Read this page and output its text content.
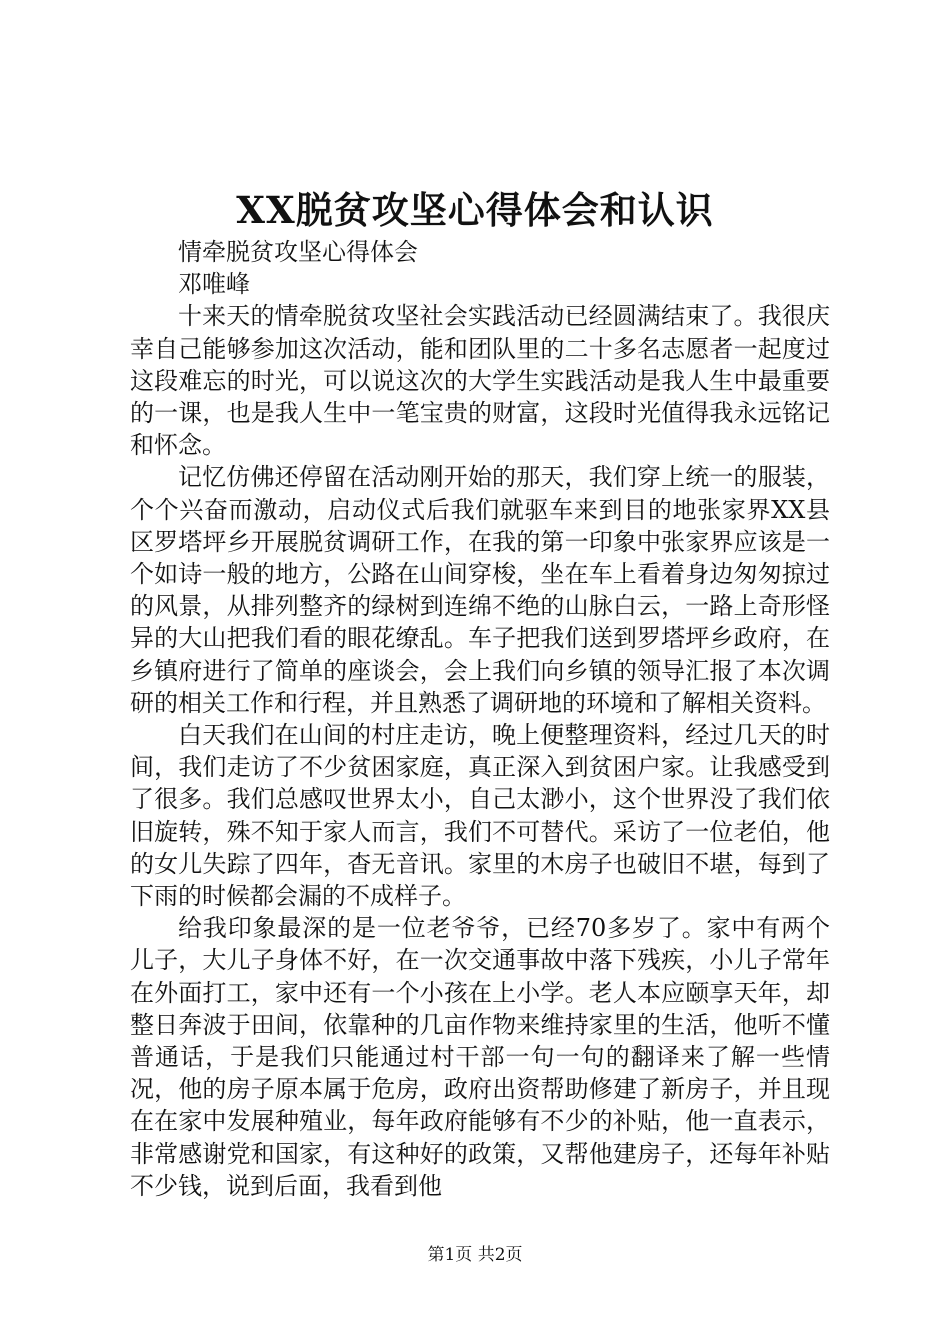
XX脱贫攻坚心得体会和认识

情牵脱贫攻坚心得体会

邓唯峰

十来天的情牵脱贫攻坚社会实践活动已经圆满结束了。我很庆幸自己能够参加这次活动，能和团队里的二十多名志愿者一起度过这段难忘的时光，可以说这次的大学生实践活动是我人生中最重要的一课，也是我人生中一笔宝贵的财富，这段时光值得我永远铭记和怀念。

记忆仿佛还停留在活动刚开始的那天，我们穿上统一的服装，个个兴奋而激动，启动仪式后我们就驱车来到目的地张家界XX县区罗塔坪乡开展脱贫调研工作，在我的第一印象中张家界应该是一个如诗一般的地方，公路在山间穿梭，坐在车上看着身边匆匆掠过的风景，从排列整齐的绿树到连绵不绝的山脉白云，一路上奇形怪异的大山把我们看的眼花缭乱。车子把我们送到罗塔坪乡政府，在乡镇府进行了简单的座谈会，会上我们向乡镇的领导汇报了本次调研的相关工作和行程，并且熟悉了调研地的环境和了解相关资料。

白天我们在山间的村庄走访，晚上便整理资料，经过几天的时间，我们走访了不少贫困家庭，真正深入到贫困户家。让我感受到了很多。我们总感叹世界太小，自己太渺小，这个世界没了我们依旧旋转，殊不知于家人而言，我们不可替代。采访了一位老伯，他的女儿失踪了四年，杳无音讯。家里的木房子也破旧不堪，每到了下雨的时候都会漏的不成样子。

给我印象最深的是一位老爷爷，已经70多岁了。家中有两个儿子，大儿子身体不好，在一次交通事故中落下残疾，小儿子常年在外面打工，家中还有一个小孩在上小学。老人本应颐享天年，却整日奔波于田间，依靠种的几亩作物来维持家里的生活，他听不懂普通话，于是我们只能通过村干部一句一句的翻译来了解一些情况，他的房子原本属于危房，政府出资帮助修建了新房子，并且现在在家中发展种殖业，每年政府能够有不少的补贴，他一直表示，非常感谢党和国家，有这种好的政策，又帮他建房子，还每年补贴不少钱，说到后面，我看到他

第1页 共2页
